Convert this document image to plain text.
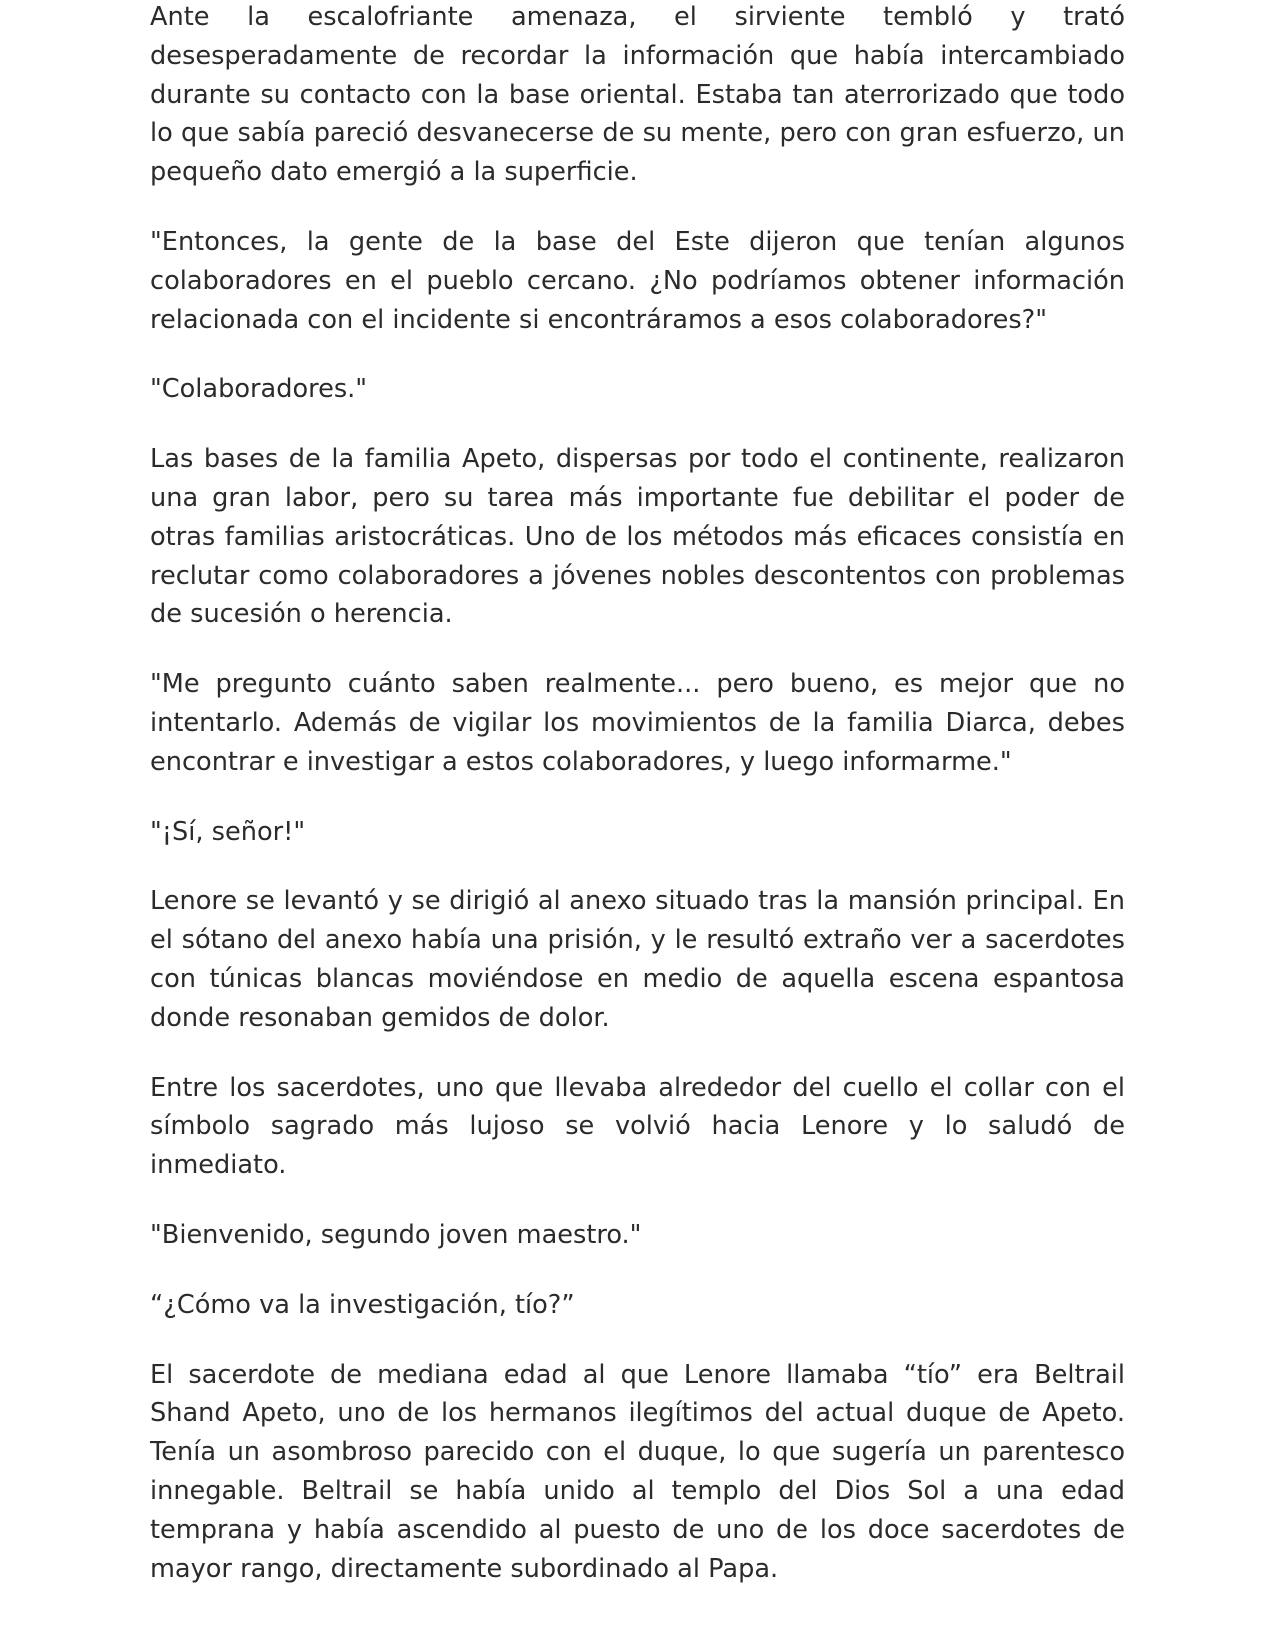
Ante la escalofriante amenaza, el sirviente tembló y trató desesperadamente de recordar la información que había intercambiado durante su contacto con la base oriental. Estaba tan aterrorizado que todo lo que sabía pareció desvanecerse de su mente, pero con gran esfuerzo, un pequeño dato emergió a la superficie.

"Entonces, la gente de la base del Este dijeron que tenían algunos colaboradores en el pueblo cercano. ¿No podríamos obtener información relacionada con el incidente si encontráramos a esos colaboradores?"

"Colaboradores."

Las bases de la familia Apeto, dispersas por todo el continente, realizaron una gran labor, pero su tarea más importante fue debilitar el poder de otras familias aristocráticas. Uno de los métodos más eficaces consistía en reclutar como colaboradores a jóvenes nobles descontentos con problemas de sucesión o herencia.

"Me pregunto cuánto saben realmente... pero bueno, es mejor que no intentarlo. Además de vigilar los movimientos de la familia Diarca, debes encontrar e investigar a estos colaboradores, y luego informarme."

"¡Sí, señor!"

Lenore se levantó y se dirigió al anexo situado tras la mansión principal. En el sótano del anexo había una prisión, y le resultó extraño ver a sacerdotes con túnicas blancas moviéndose en medio de aquella escena espantosa donde resonaban gemidos de dolor.

Entre los sacerdotes, uno que llevaba alrededor del cuello el collar con el símbolo sagrado más lujoso se volvió hacia Lenore y lo saludó de inmediato.

"Bienvenido, segundo joven maestro."

“¿Cómo va la investigación, tío?”

El sacerdote de mediana edad al que Lenore llamaba “tío” era Beltrail Shand Apeto, uno de los hermanos ilegítimos del actual duque de Apeto. Tenía un asombroso parecido con el duque, lo que sugería un parentesco innegable. Beltrail se había unido al templo del Dios Sol a una edad temprana y había ascendido al puesto de uno de los doce sacerdotes de mayor rango, directamente subordinado al Papa.
